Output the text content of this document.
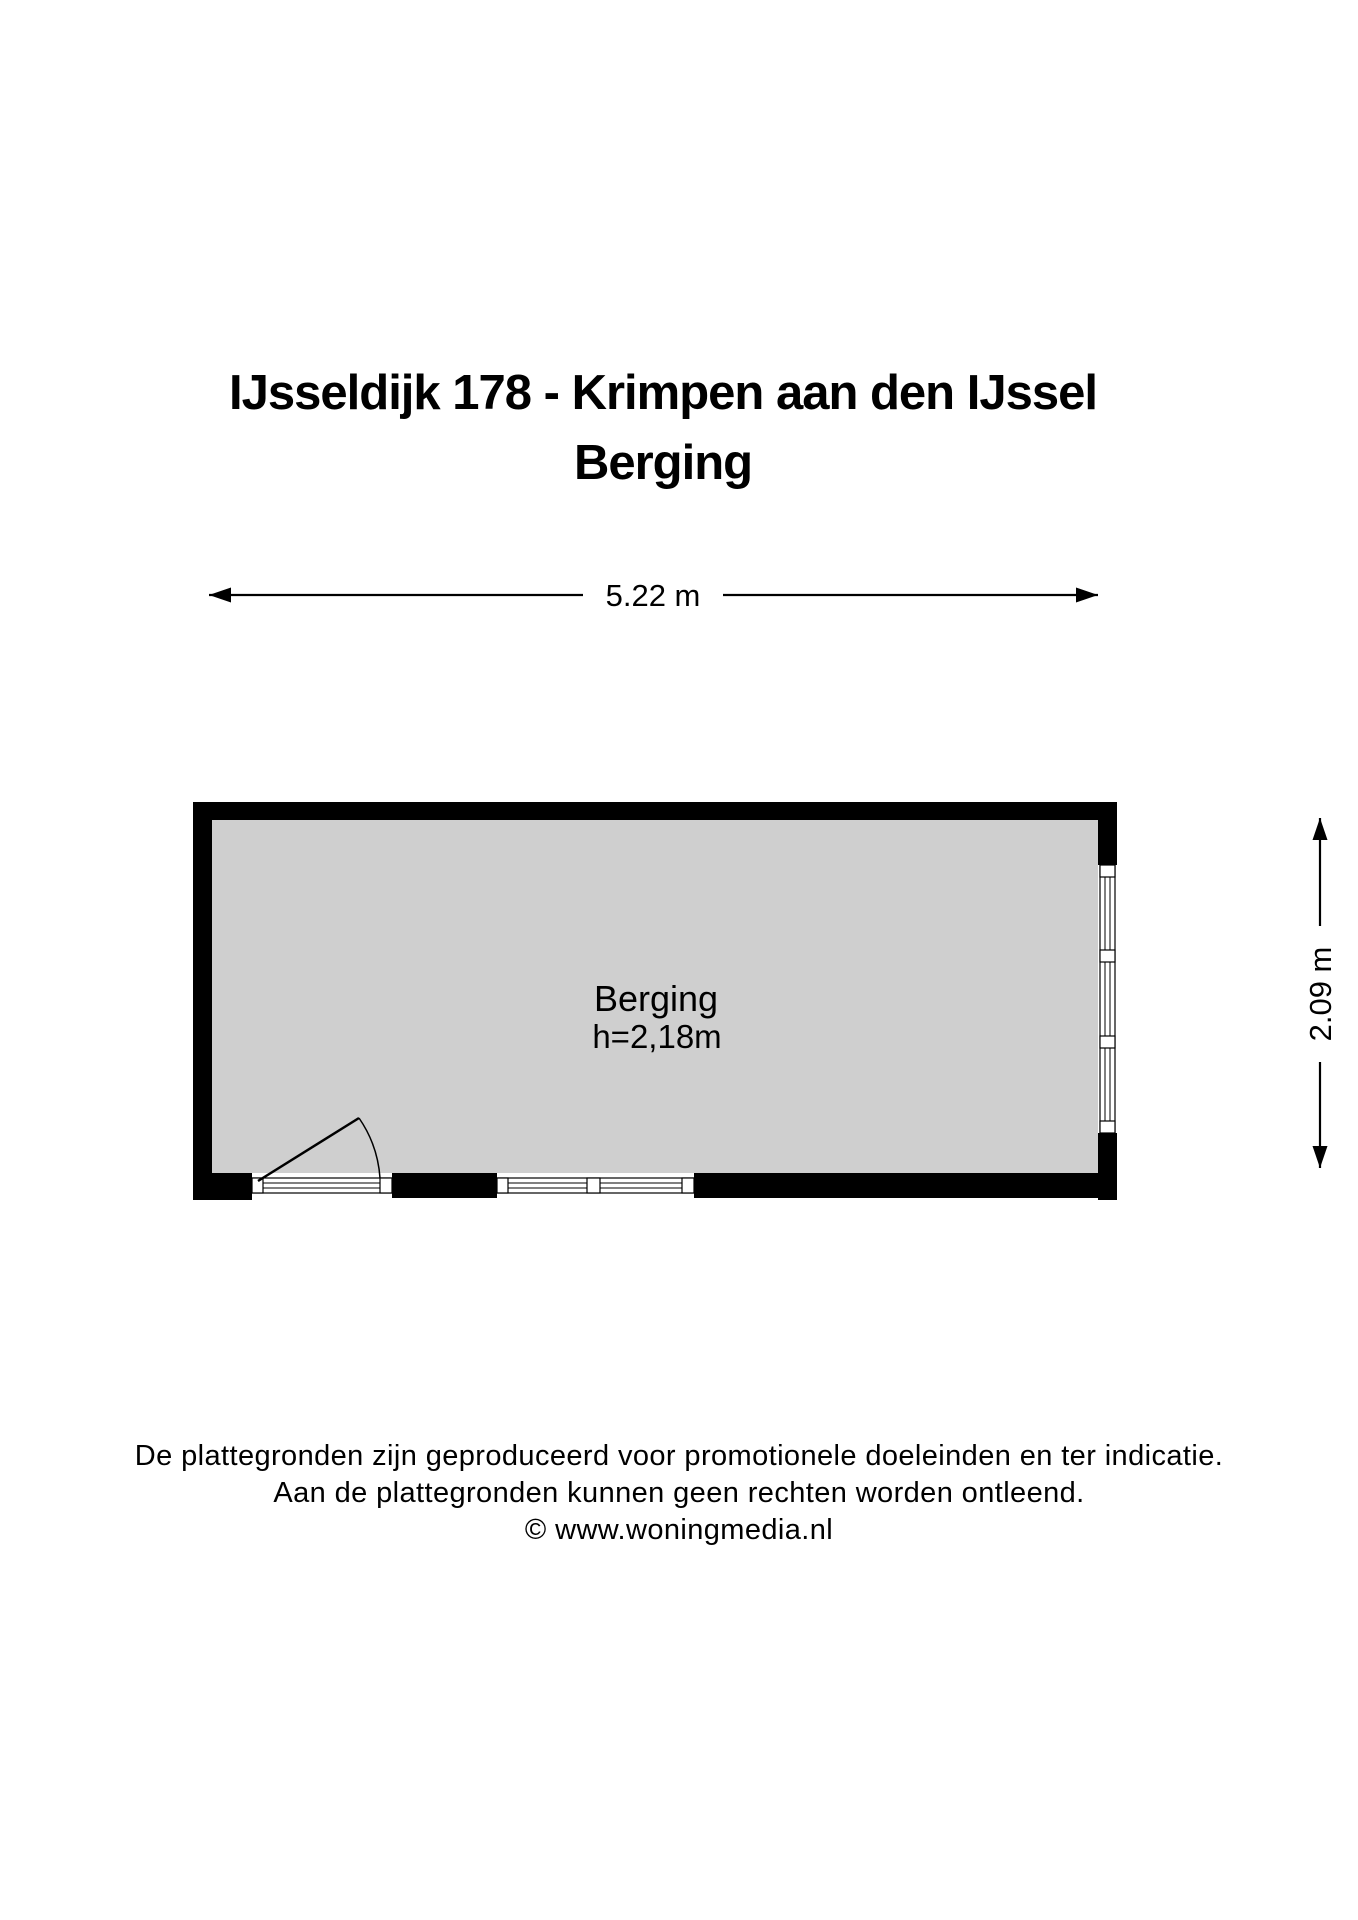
IJsseldijk 178 - Krimpen aan den IJssel
Berging
5.22 m
2.09 m
Berging
h=2,18m
De plattegronden zijn geproduceerd voor promotionele doeleinden en ter indicatie.
Aan de plattegronden kunnen geen rechten worden ontleend.
© www.woningmedia.nl
